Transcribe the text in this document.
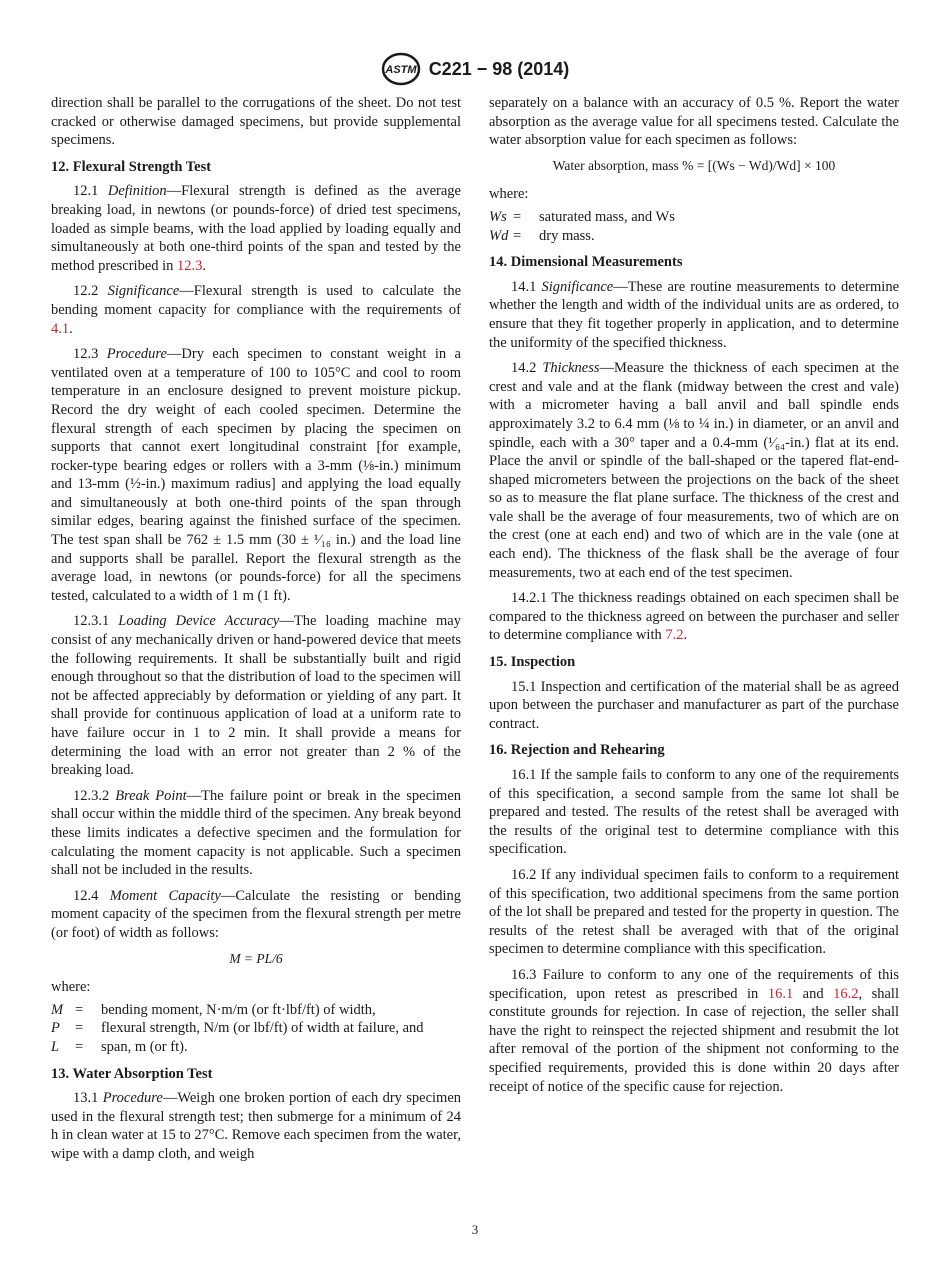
ASTM C221 − 98 (2014)

direction shall be parallel to the corrugations of the sheet. Do not test cracked or otherwise damaged specimens, but provide supplemental specimens.

12. Flexural Strength Test

12.1 Definition—Flexural strength is defined as the average breaking load, in newtons (or pounds-force) of dried test specimens, loaded as simple beams, with the load applied by loading equally and simultaneously at both one-third points of the span and tested by the method prescribed in 12.3.

12.2 Significance—Flexural strength is used to calculate the bending moment capacity for compliance with the requirements of 4.1.

12.3 Procedure—Dry each specimen to constant weight in a ventilated oven at a temperature of 100 to 105°C and cool to room temperature in an enclosure designed to prevent moisture pickup. Record the dry weight of each cooled specimen. Determine the flexural strength of each specimen by placing the specimen on supports that cannot exert longitudinal constraint [for example, rocker-type bearing edges or rollers with a 3-mm (⅛-in.) minimum and 13-mm (½-in.) maximum radius] and applying the load equally and simultaneously at both one-third points of the span through similar edges, bearing against the finished surface of the specimen. The test span shall be 762 ± 1.5 mm (30 ± ¹⁄₁₆ in.) and the load line and supports shall be parallel. Report the flexural strength as the average load, in newtons (or pounds-force) for all the specimens tested, calculated to a width of 1 m (1 ft).

12.3.1 Loading Device Accuracy—The loading machine may consist of any mechanically driven or hand-powered device that meets the following requirements. It shall be substantially built and rigid enough throughout so that the distribution of load to the specimen will not be affected appreciably by deformation or yielding of any part. It shall provide for continuous application of load at a uniform rate to have failure occur in 1 to 2 min. It shall provide a means for determining the load with an error not greater than 2 % of the breaking load.

12.3.2 Break Point—The failure point or break in the specimen shall occur within the middle third of the specimen. Any break beyond these limits indicates a defective specimen and the formulation for calculating the moment capacity is not applicable. Such a specimen shall not be included in the results.

12.4 Moment Capacity—Calculate the resisting or bending moment capacity of the specimen from the flexural strength per metre (or foot) of width as follows:

M = PL/6
where:
M	=	bending moment, N·m/m (or ft·lbf/ft) of width,
P	=	flexural strength, N/m (or lbf/ft) of width at failure, and
L	=	span, m (or ft).
13. Water Absorption Test

13.1 Procedure—Weigh one broken portion of each dry specimen used in the flexural strength test; then submerge for a minimum of 24 h in clean water at 15 to 27°C. Remove each specimen from the water, wipe with a damp cloth, and weigh

separately on a balance with an accuracy of 0.5 %. Report the water absorption as the average value for all specimens tested. Calculate the water absorption value for each specimen as follows:

Water absorption, mass % = [(Ws − Wd)/Wd] × 100
where:
Ws	=	saturated mass, and Ws
Wd	=	dry mass.
14. Dimensional Measurements

14.1 Significance—These are routine measurements to determine whether the length and width of the individual units are as ordered, to ensure that they fit together properly in application, and to determine the uniformity of the specified thickness.

14.2 Thickness—Measure the thickness of each specimen at the crest and vale and at the flank (midway between the crest and vale) with a micrometer having a ball anvil and ball spindle ends approximately 3.2 to 6.4 mm (⅛ to ¼ in.) in diameter, or an anvil and spindle, each with a 30° taper and a 0.4-mm (¹⁄₆₄-in.) flat at its end. Place the anvil or spindle of the ball-shaped or the tapered flat-end-shaped micrometers between the projections on the back of the sheet so as to measure the flat plane surface. The thickness of the crest and vale shall be the average of four measurements, two of which are on the crest (one at each end) and two of which are in the vale (one at each end). The thickness of the flask shall be the average of four measurements, two at each end of the test specimen.

14.2.1 The thickness readings obtained on each specimen shall be compared to the thickness agreed on between the purchaser and seller to determine compliance with 7.2.

15. Inspection

15.1 Inspection and certification of the material shall be as agreed upon between the purchaser and manufacturer as part of the purchase contract.

16. Rejection and Rehearing

16.1 If the sample fails to conform to any one of the requirements of this specification, a second sample from the same lot shall be prepared and tested. The results of the retest shall be averaged with the results of the original test to determine compliance with this specification.

16.2 If any individual specimen fails to conform to a requirement of this specification, two additional specimens from the same portion of the lot shall be prepared and tested for the property in question. The results of the retest shall be averaged with that of the original specimen to determine compliance with this specification.

16.3 Failure to conform to any one of the requirements of this specification, upon retest as prescribed in 16.1 and 16.2, shall constitute grounds for rejection. In case of rejection, the seller shall have the right to reinspect the rejected shipment and resubmit the lot after removal of the portion of the shipment not conforming to the specified requirements, provided this is done within 20 days after receipt of notice of the specific cause for rejection.

3
